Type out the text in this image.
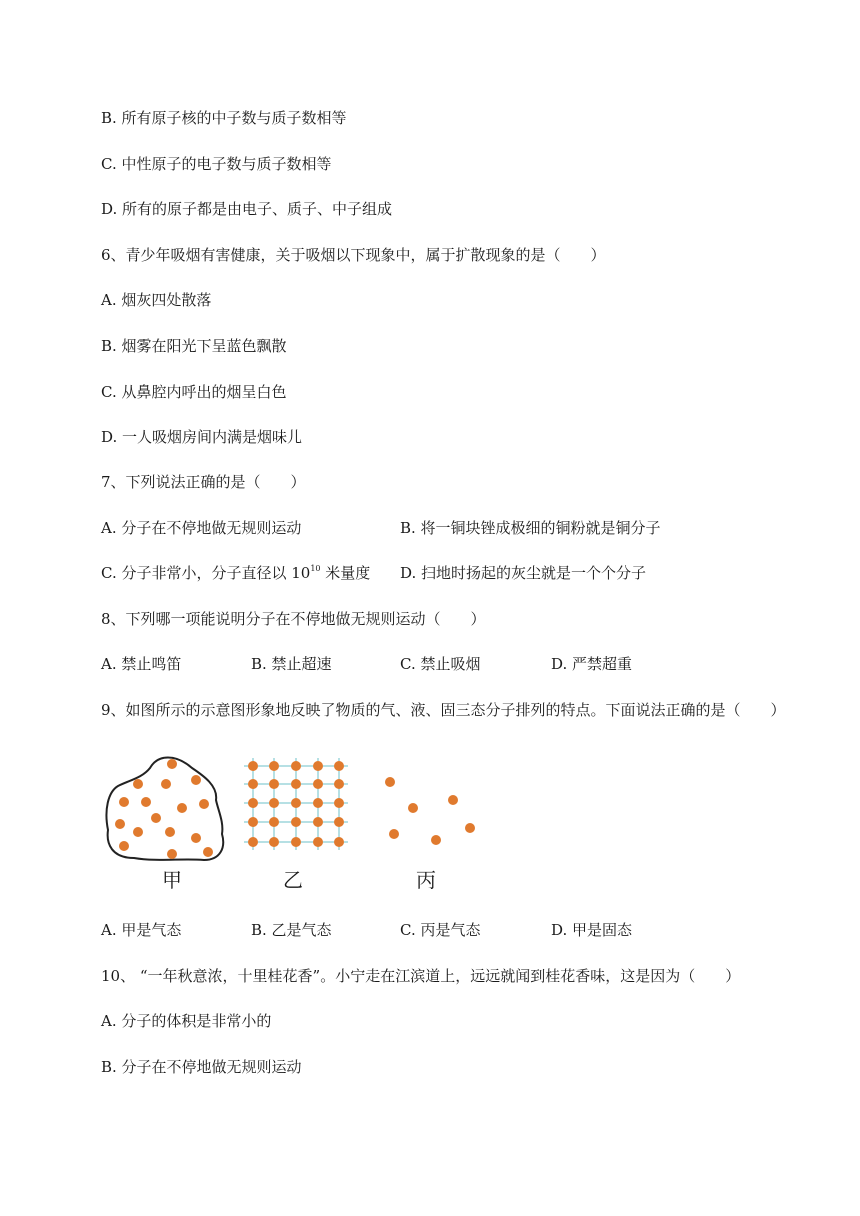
B. 所有原子核的中子数与质子数相等
C. 中性原子的电子数与质子数相等
D. 所有的原子都是由电子、质子、中子组成
6、青少年吸烟有害健康，关于吸烟以下现象中，属于扩散现象的是（　　）
A. 烟灰四处散落
B. 烟雾在阳光下呈蓝色飘散
C. 从鼻腔内呼出的烟呈白色
D. 一人吸烟房间内满是烟味儿
7、下列说法正确的是（　　）
A. 分子在不停地做无规则运动	B. 将一铜块锉成极细的铜粉就是铜分子
C. 分子非常小，分子直径以 $10^{10}$ 米量度 D. 扫地时扬起的灰尘就是一个个分子
8、下列哪一项能说明分子在不停地做无规则运动（　　）
A. 禁止鸣笛	B. 禁止超速	C. 禁止吸烟	D. 严禁超重
9、如图所示的示意图形象地反映了物质的气、液、固三态分子排列的特点。下面说法正确的是（　　）
甲	乙	丙
A. 甲是气态	B. 乙是气态	C. 丙是气态	D. 甲是固态
10、 “一年秋意浓，十里桂花香”。小宁走在江滨道上，远远就闻到桂花香味，这是因为（　　）
A. 分子的体积是非常小的
B. 分子在不停地做无规则运动
